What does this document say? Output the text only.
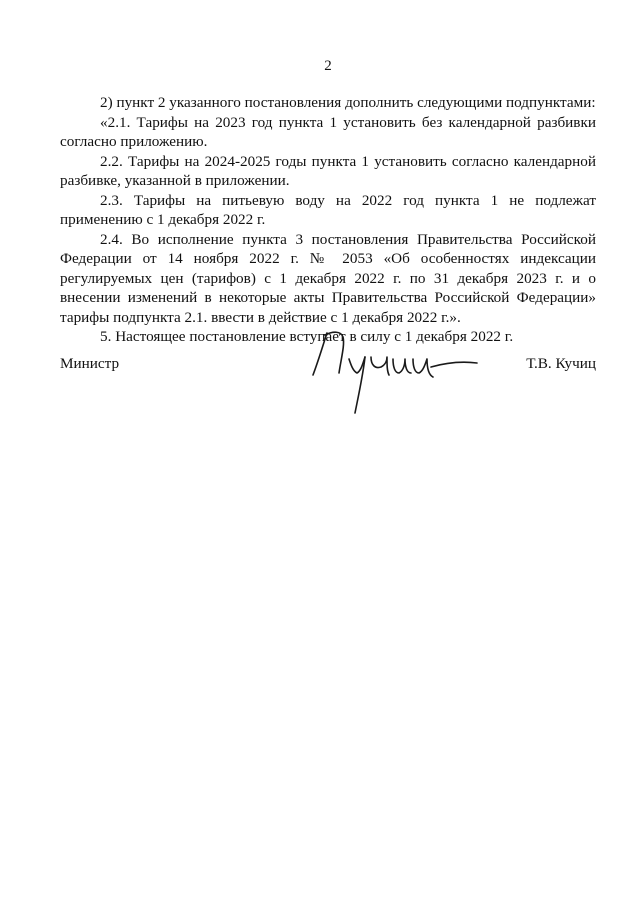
2

2) пункт 2 указанного постановления дополнить следующими подпунктами:

«2.1. Тарифы на 2023 год пункта 1 установить без календарной разбивки согласно приложению.

2.2. Тарифы на 2024-2025 годы пункта 1 установить согласно календарной разбивке, указанной в приложении.

2.3. Тарифы на питьевую воду на 2022 год пункта 1 не подлежат применению с 1 декабря 2022 г.

2.4. Во исполнение пункта 3 постановления Правительства Российской Федерации от 14 ноября 2022 г. № 2053 «Об особенностях индексации регулируемых цен (тарифов) с 1 декабря 2022 г. по 31 декабря 2023 г. и о внесении изменений в некоторые акты Правительства Российской Федерации» тарифы подпункта 2.1. ввести в действие с 1 декабря 2022 г.».

5. Настоящее постановление вступает в силу с 1 декабря 2022 г.

Министр	Т.В. Кучиц
